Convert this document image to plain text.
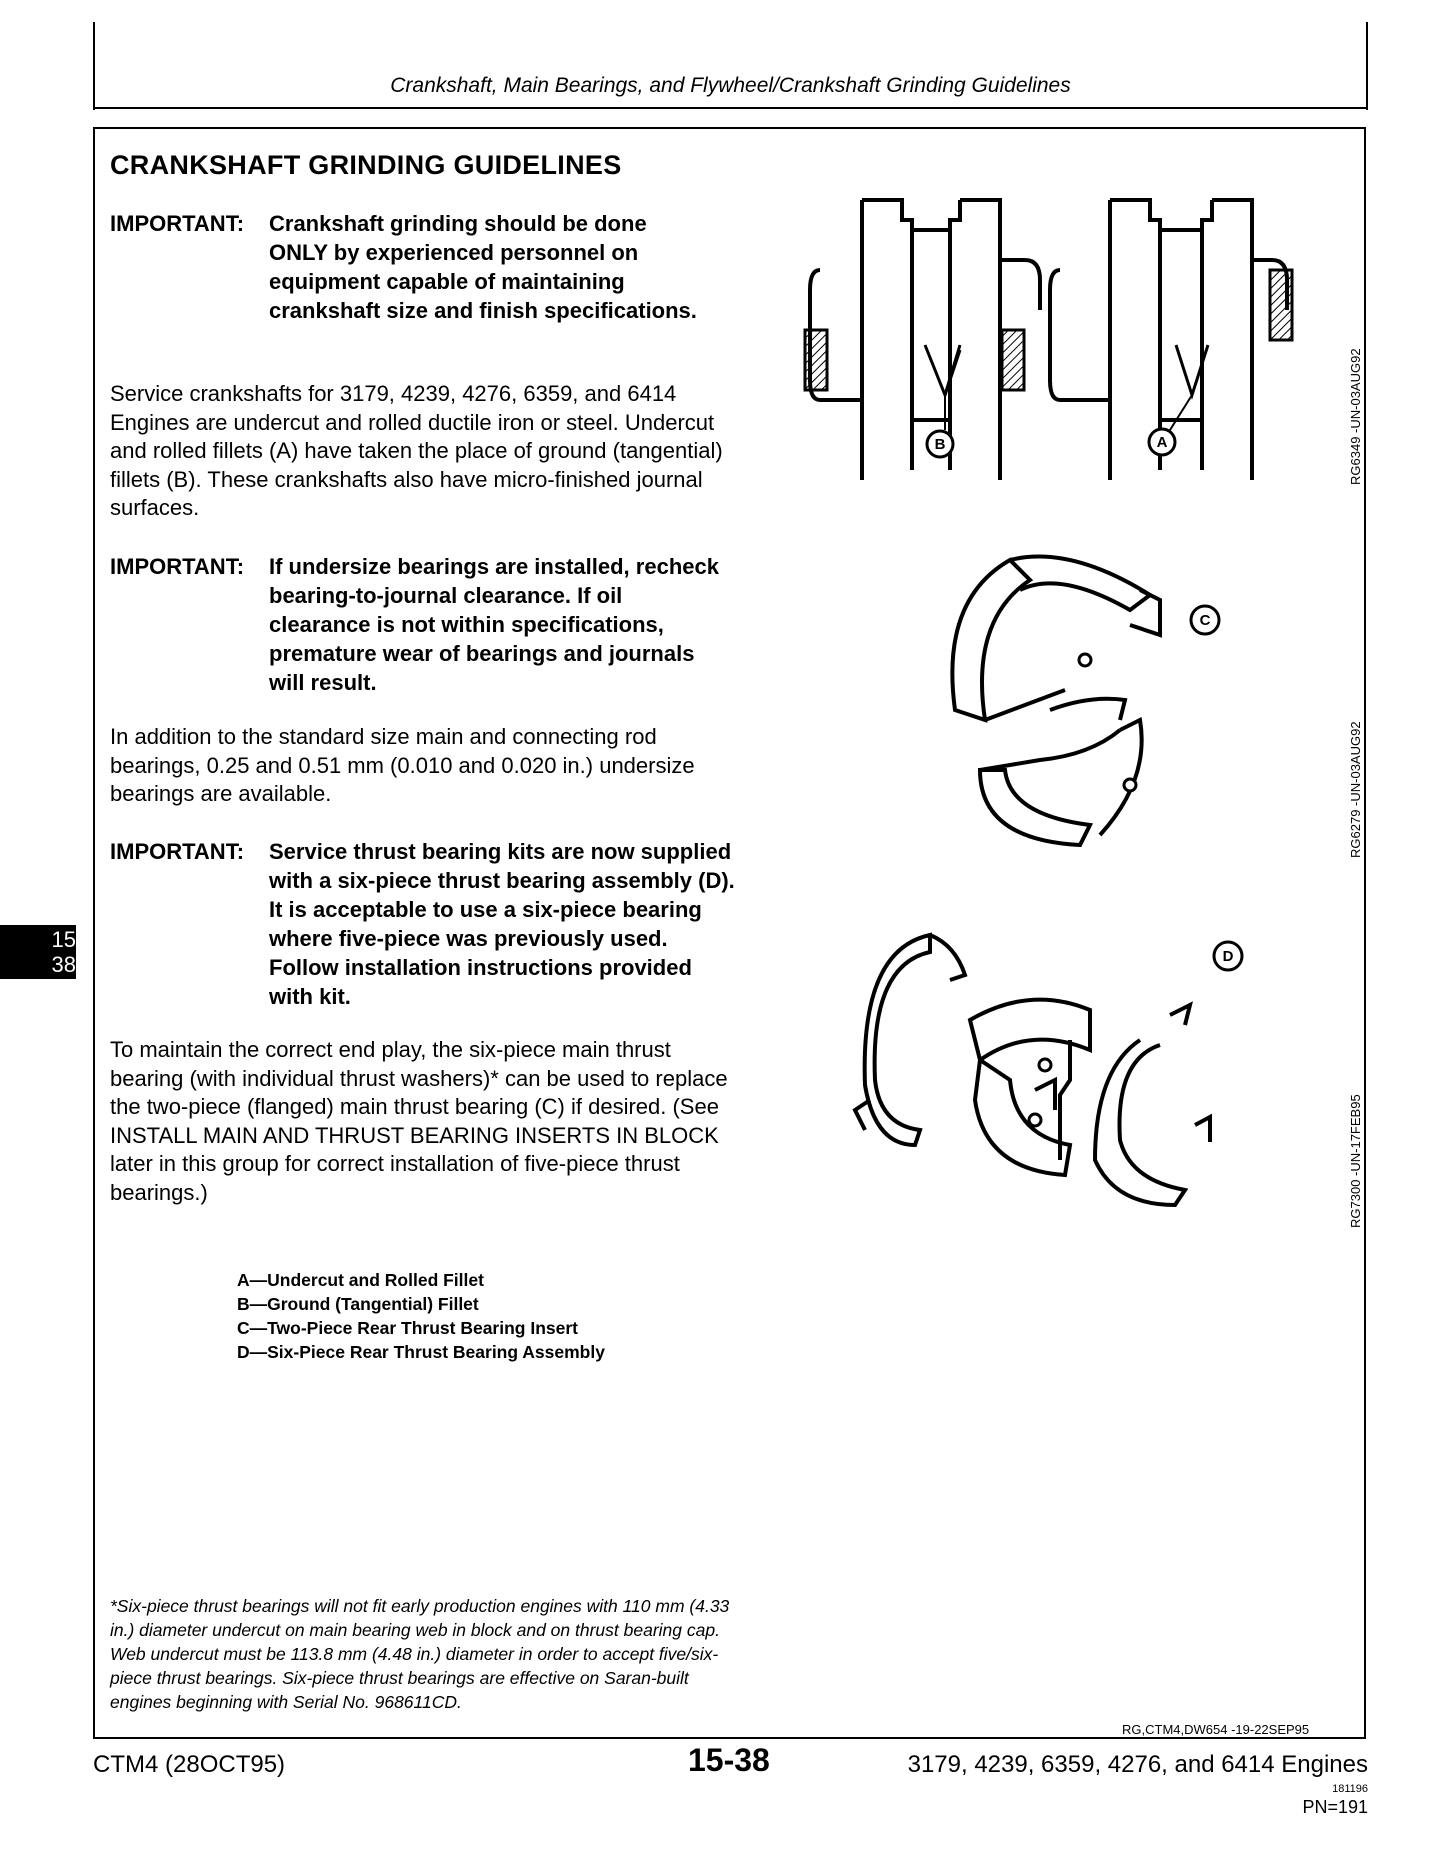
Crankshaft, Main Bearings, and Flywheel/Crankshaft Grinding Guidelines
CRANKSHAFT GRINDING GUIDELINES
IMPORTANT: Crankshaft grinding should be done ONLY by experienced personnel on equipment capable of maintaining crankshaft size and finish specifications.
Service crankshafts for 3179, 4239, 4276, 6359, and 6414 Engines are undercut and rolled ductile iron or steel. Undercut and rolled fillets (A) have taken the place of ground (tangential) fillets (B). These crankshafts also have micro-finished journal surfaces.
IMPORTANT: If undersize bearings are installed, recheck bearing-to-journal clearance. If oil clearance is not within specifications, premature wear of bearings and journals will result.
In addition to the standard size main and connecting rod bearings, 0.25 and 0.51 mm (0.010 and 0.020 in.) undersize bearings are available.
IMPORTANT: Service thrust bearing kits are now supplied with a six-piece thrust bearing assembly (D). It is acceptable to use a six-piece bearing where five-piece was previously used. Follow installation instructions provided with kit.
To maintain the correct end play, the six-piece main thrust bearing (with individual thrust washers)* can be used to replace the two-piece (flanged) main thrust bearing (C) if desired. (See INSTALL MAIN AND THRUST BEARING INSERTS IN BLOCK later in this group for correct installation of five-piece thrust bearings.)
A—Undercut and Rolled Fillet
B—Ground (Tangential) Fillet
C—Two-Piece Rear Thrust Bearing Insert
D—Six-Piece Rear Thrust Bearing Assembly
*Six-piece thrust bearings will not fit early production engines with 110 mm (4.33 in.) diameter undercut on main bearing web in block and on thrust bearing cap. Web undercut must be 113.8 mm (4.48 in.) diameter in order to accept five/six-piece thrust bearings. Six-piece thrust bearings are effective on Saran-built engines beginning with Serial No. 968611CD.
B	A
C
D
RG6349 -UN-03AUG92
RG6279 -UN-03AUG92
RG7300 -UN-17FEB95
15
38
RG,CTM4,DW654 -19-22SEP95
CTM4 (28OCT95)	15-38	3179, 4239, 6359, 4276, and 6414 Engines
181196
PN=191
